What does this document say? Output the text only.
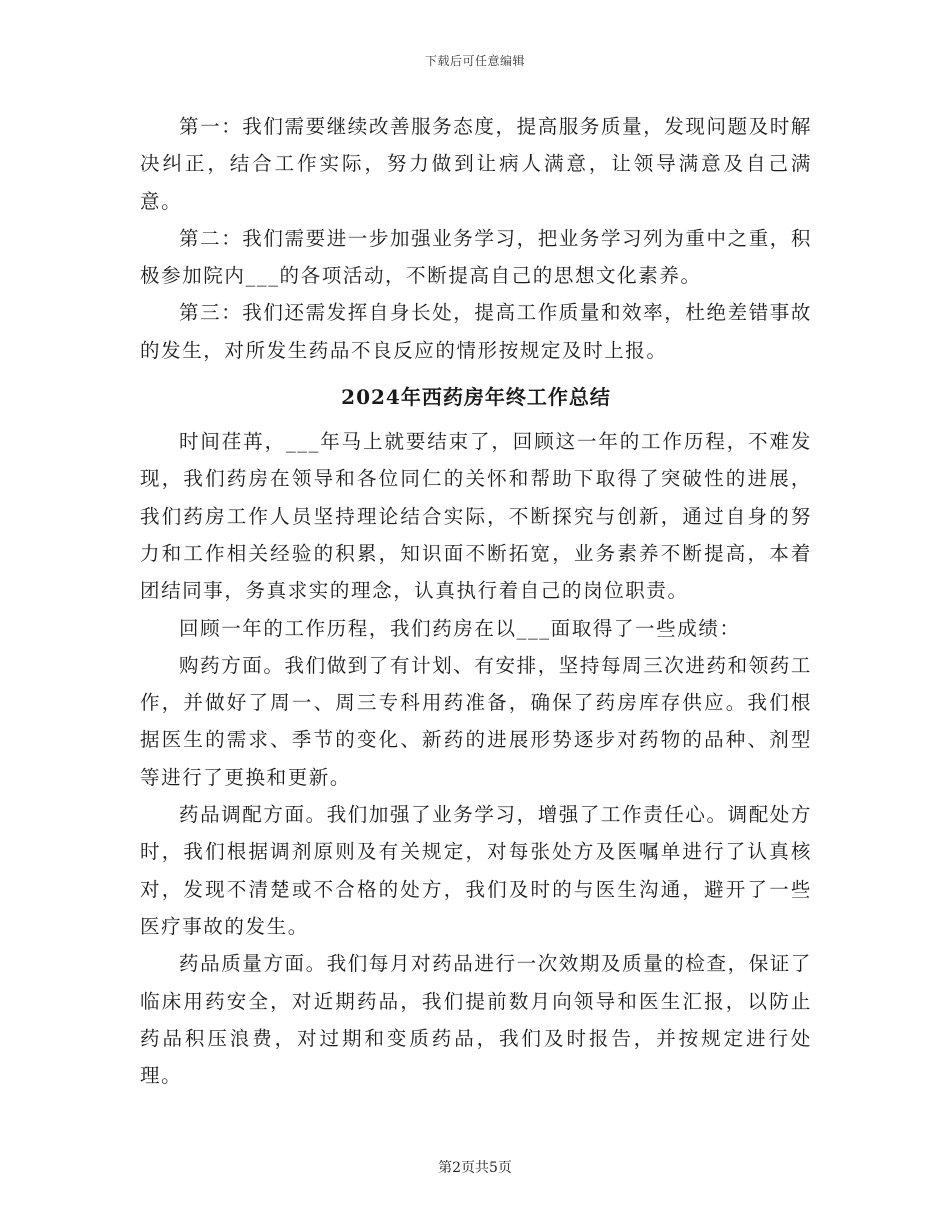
下载后可任意编辑

第一：我们需要继续改善服务态度，提高服务质量，发现问题及时解决纠正，结合工作实际，努力做到让病人满意，让领导满意及自己满意。

第二：我们需要进一步加强业务学习，把业务学习列为重中之重，积极参加院内___的各项活动，不断提高自己的思想文化素养。

第三：我们还需发挥自身长处，提高工作质量和效率，杜绝差错事故的发生，对所发生药品不良反应的情形按规定及时上报。

2024年西药房年终工作总结

时间荏苒，___年马上就要结束了，回顾这一年的工作历程，不难发现，我们药房在领导和各位同仁的关怀和帮助下取得了突破性的进展，我们药房工作人员坚持理论结合实际，不断探究与创新，通过自身的努力和工作相关经验的积累，知识面不断拓宽，业务素养不断提高，本着团结同事，务真求实的理念，认真执行着自己的岗位职责。

回顾一年的工作历程，我们药房在以___面取得了一些成绩：

购药方面。我们做到了有计划、有安排，坚持每周三次进药和领药工作，并做好了周一、周三专科用药准备，确保了药房库存供应。我们根据医生的需求、季节的变化、新药的进展形势逐步对药物的品种、剂型等进行了更换和更新。

药品调配方面。我们加强了业务学习，增强了工作责任心。调配处方时，我们根据调剂原则及有关规定，对每张处方及医嘱单进行了认真核对，发现不清楚或不合格的处方，我们及时的与医生沟通，避开了一些医疗事故的发生。

药品质量方面。我们每月对药品进行一次效期及质量的检查，保证了临床用药安全，对近期药品，我们提前数月向领导和医生汇报，以防止药品积压浪费，对过期和变质药品，我们及时报告，并按规定进行处理。

第2页共5页
